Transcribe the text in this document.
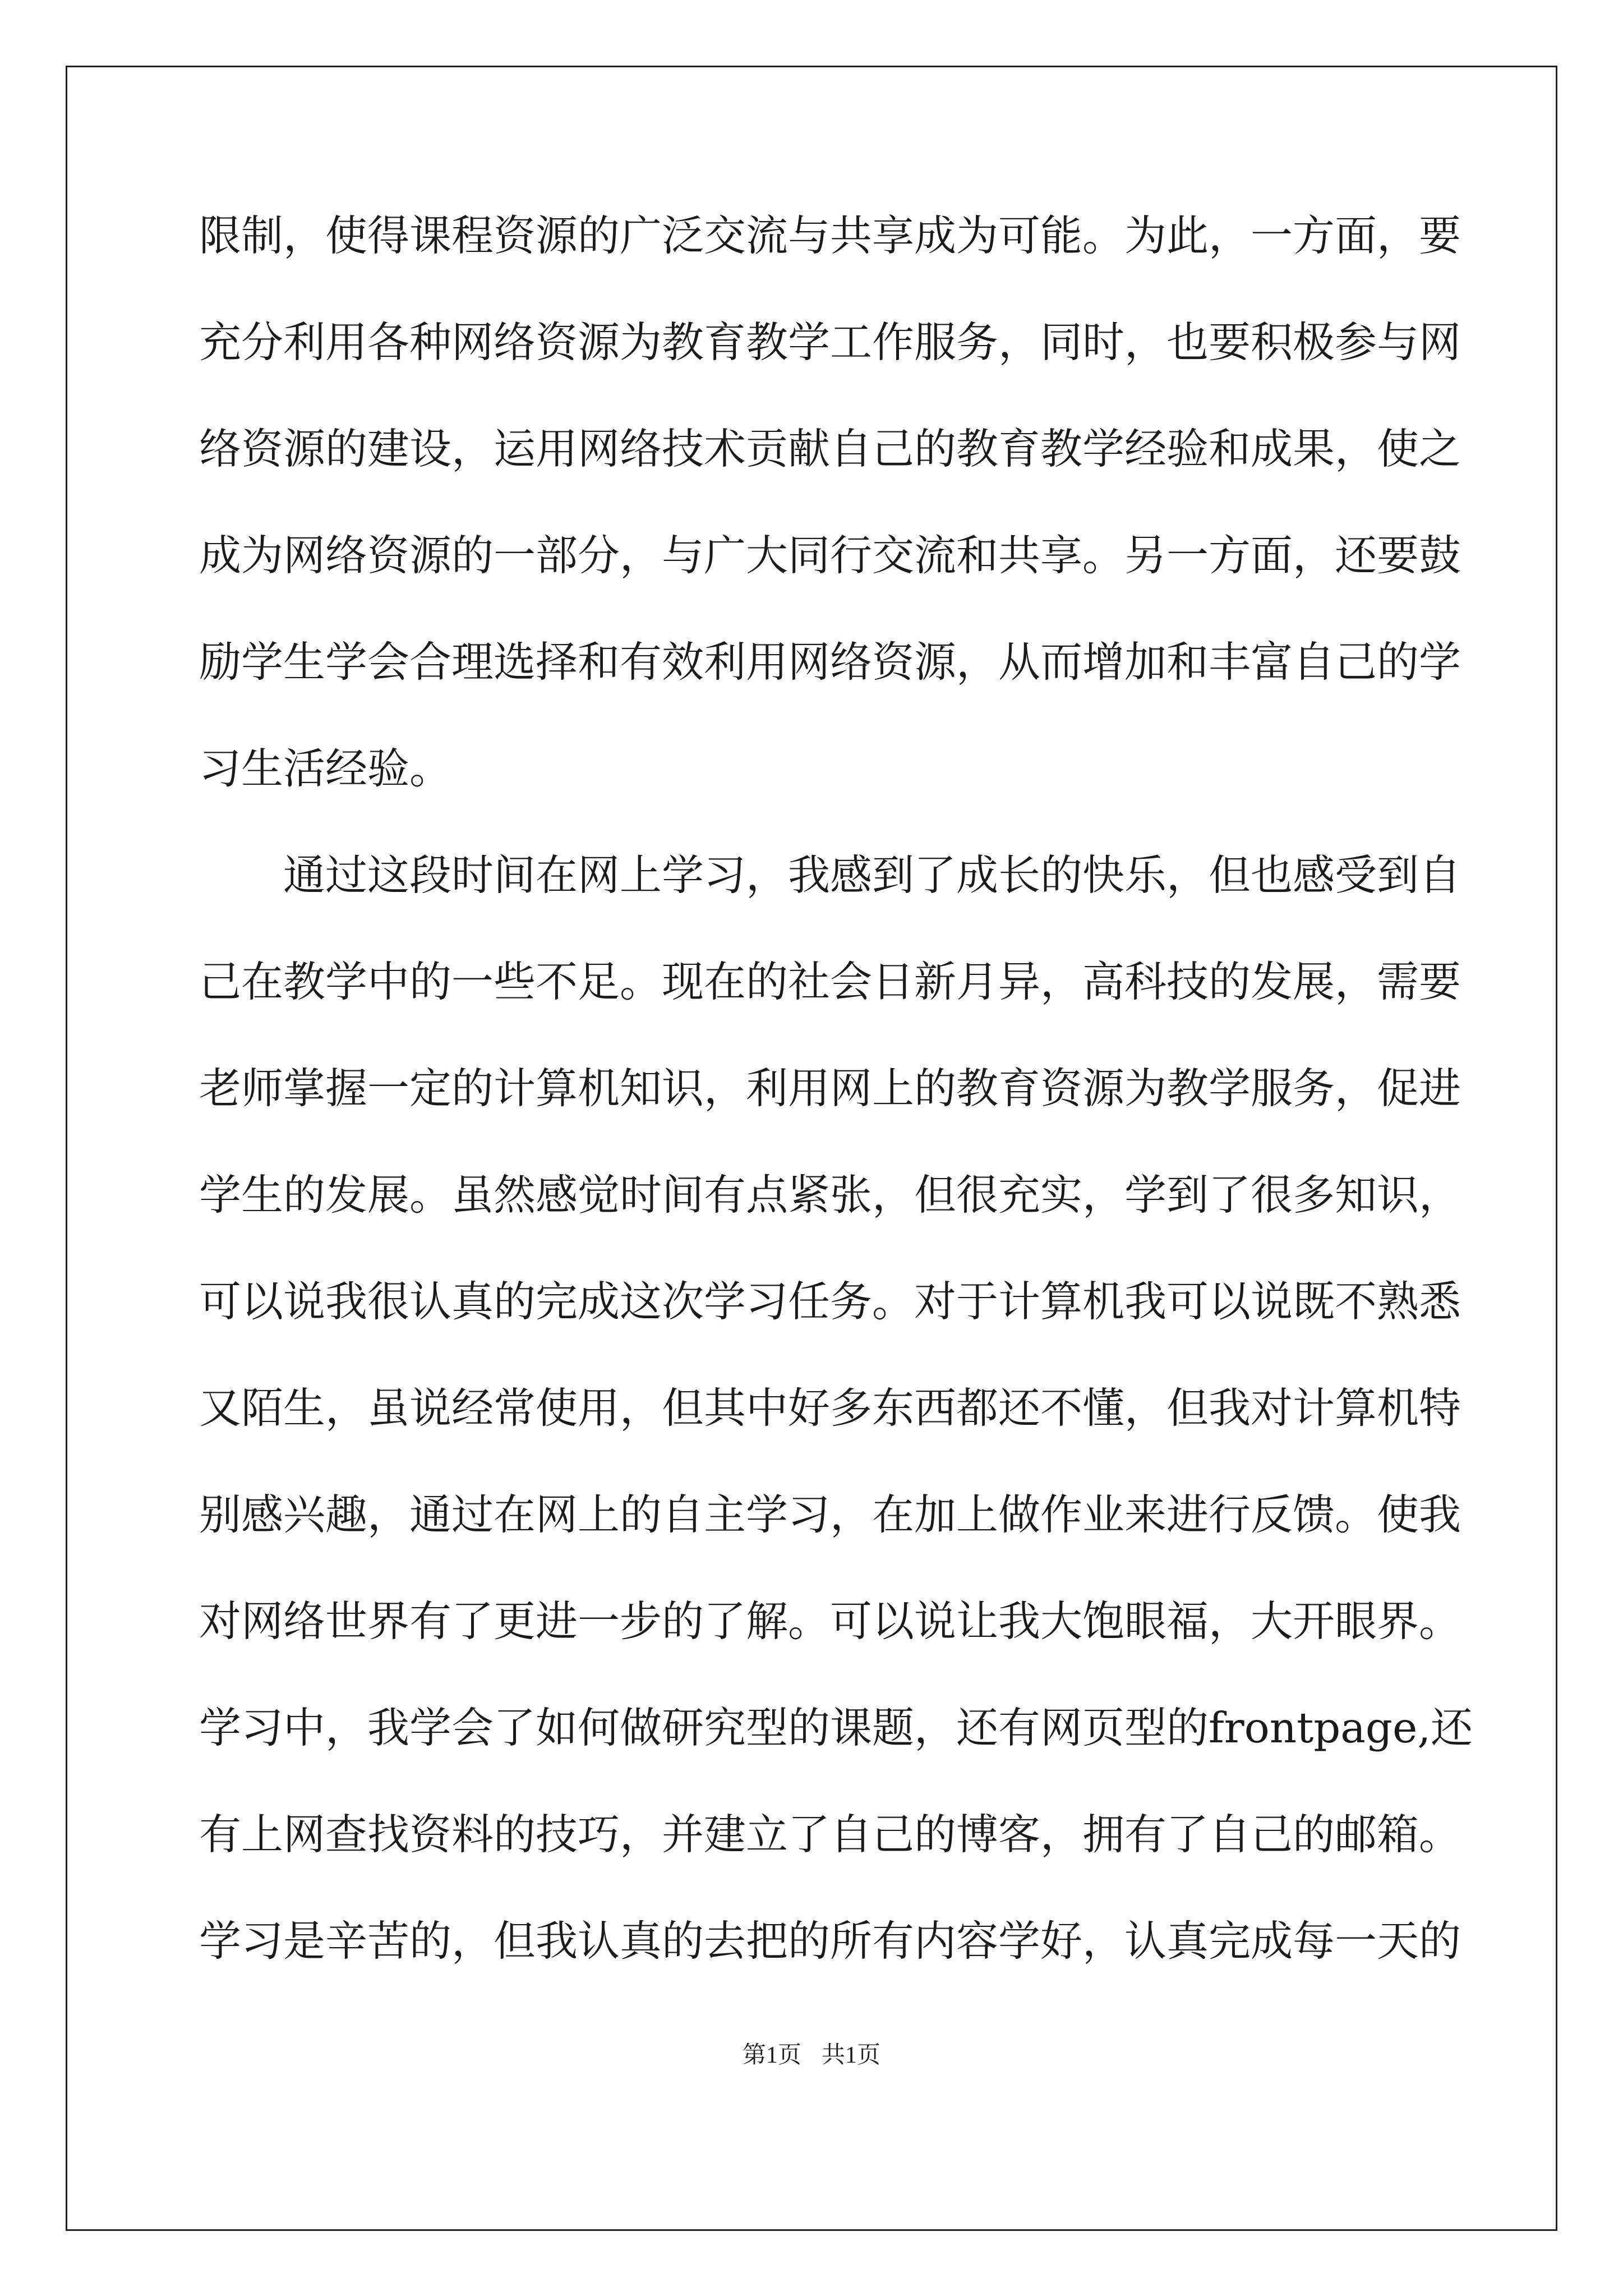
限制，使得课程资源的广泛交流与共享成为可能。为此，一方面，要
充分利用各种网络资源为教育教学工作服务，同时，也要积极参与网
络资源的建设，运用网络技术贡献自己的教育教学经验和成果，使之
成为网络资源的一部分，与广大同行交流和共享。另一方面，还要鼓
励学生学会合理选择和有效利用网络资源，从而增加和丰富自己的学
习生活经验。
　　通过这段时间在网上学习，我感到了成长的快乐，但也感受到自
己在教学中的一些不足。现在的社会日新月异，高科技的发展，需要
老师掌握一定的计算机知识，利用网上的教育资源为教学服务，促进
学生的发展。虽然感觉时间有点紧张，但很充实，学到了很多知识，
可以说我很认真的完成这次学习任务。对于计算机我可以说既不熟悉
又陌生，虽说经常使用，但其中好多东西都还不懂，但我对计算机特
别感兴趣，通过在网上的自主学习，在加上做作业来进行反馈。使我
对网络世界有了更进一步的了解。可以说让我大饱眼福，大开眼界。
学习中，我学会了如何做研究型的课题，还有网页型的frontpage,还
有上网查找资料的技巧，并建立了自己的博客，拥有了自己的邮箱。
学习是辛苦的，但我认真的去把的所有内容学好，认真完成每一天的
第1页 共1页
